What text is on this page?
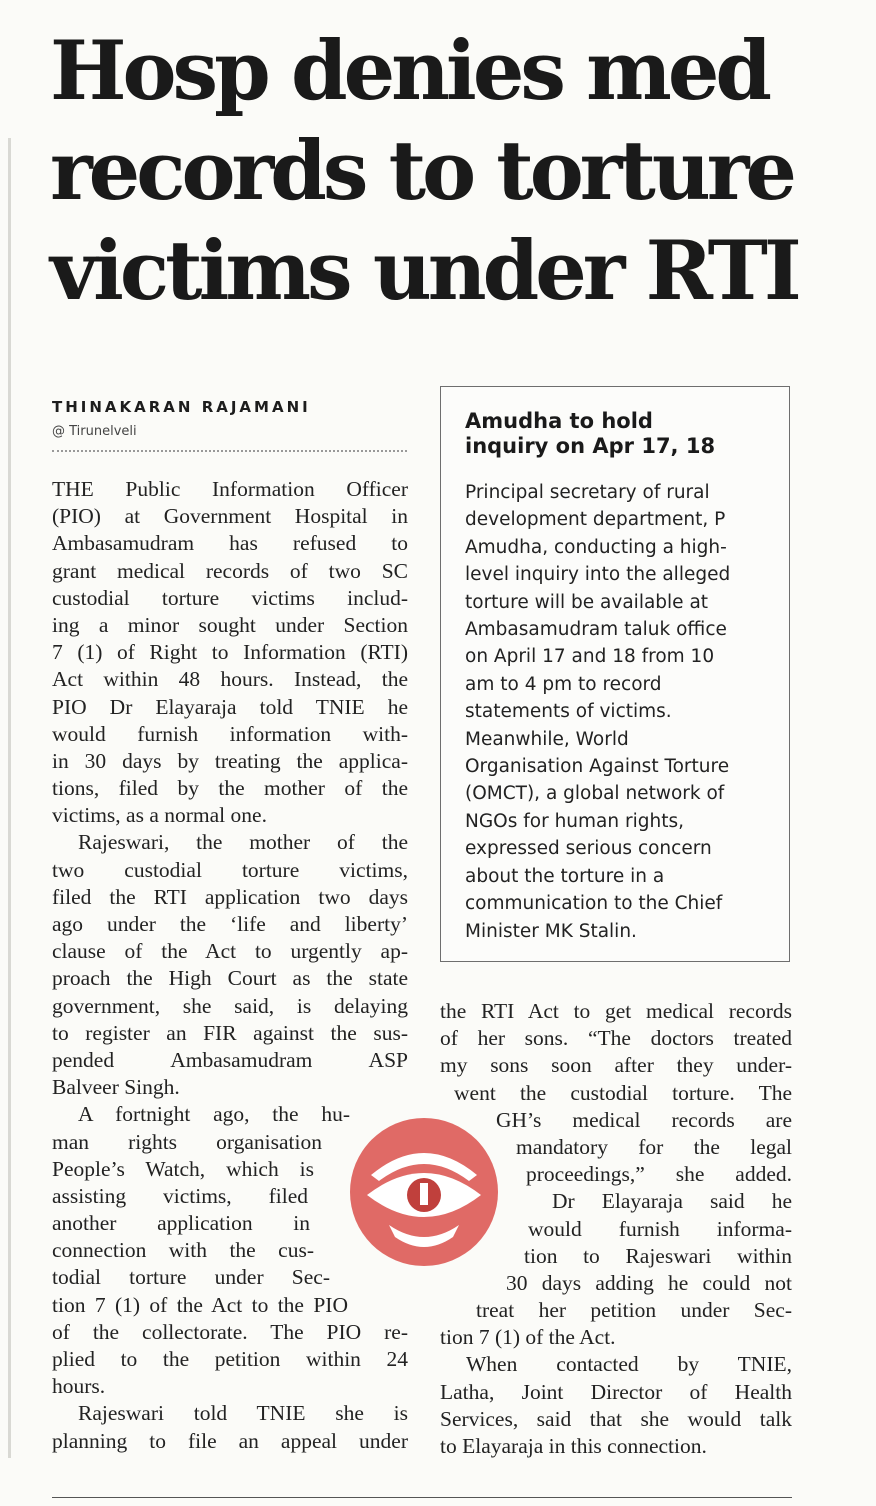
Hosp denies med
records to torture
victims under RTI
THINAKARAN RAJAMANI
@ Tirunelveli

THE Public Information Officer
(PIO) at Government Hospital in
Ambasamudram has refused to
grant medical records of two SC
custodial torture victims includ-
ing a minor sought under Section
7 (1) of Right to Information (RTI)
Act within 48 hours. Instead, the
PIO Dr Elayaraja told TNIE he
would furnish information with-
in 30 days by treating the applica-
tions, filed by the mother of the
victims, as a normal one.

Rajeswari, the mother of the
two custodial torture victims,
filed the RTI application two days
ago under the ‘life and liberty’
clause of the Act to urgently ap-
proach the High Court as the state
government, she said, is delaying
to register an FIR against the sus-
pended Ambasamudram ASP
Balveer Singh.

A fortnight ago, the hu-
man rights organisation
People’s Watch, which is
assisting victims, filed
another application in
connection with the cus-
todial torture under Sec-
tion 7 (1) of the Act to the PIO
of the collectorate. The PIO re-
plied to the petition within 24
hours.

Rajeswari told TNIE she is
planning to file an appeal under

Amudha to hold
inquiry on Apr 17, 18
Principal secretary of rural
development department, P
Amudha, conducting a high-
level inquiry into the alleged
torture will be available at
Ambasamudram taluk office
on April 17 and 18 from 10
am to 4 pm to record
statements of victims.
Meanwhile, World
Organisation Against Torture
(OMCT), a global network of
NGOs for human rights,
expressed serious concern
about the torture in a
communication to the Chief
Minister MK Stalin.

the RTI Act to get medical records
of her sons. “The doctors treated
my sons soon after they under-
went the custodial torture. The
GH’s medical records are
mandatory for the legal
proceedings,” she added.

Dr Elayaraja said he
would furnish informa-
tion to Rajeswari within
30 days adding he could not
treat her petition under Sec-
tion 7 (1) of the Act.

When contacted by TNIE,
Latha, Joint Director of Health
Services, said that she would talk
to Elayaraja in this connection.
